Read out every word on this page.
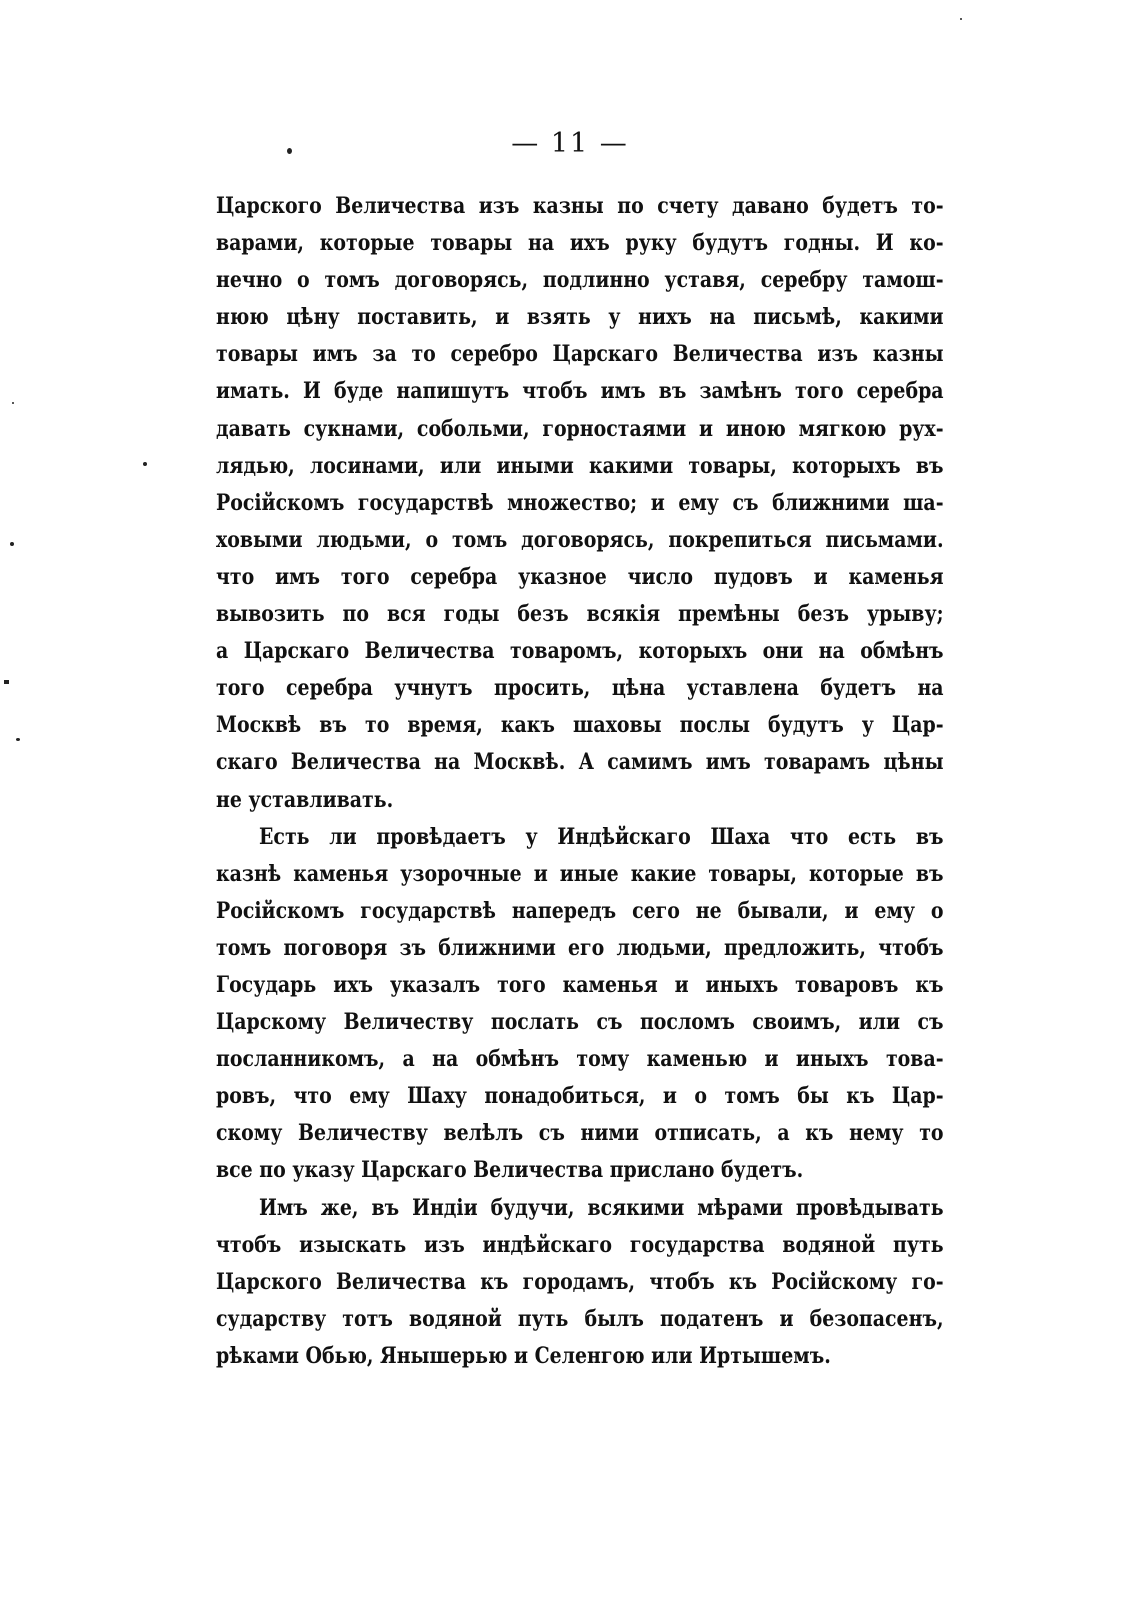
— 11 —
Царского Величества изъ казны по счету давано будетъ то-
варами, которые товары на ихъ руку будутъ годны. И ко-
нечно о томъ договорясь, подлинно уставя, серебру тамош-
нюю цѣну поставить, и взять у нихъ на письмѣ, какими
товары имъ за то серебро Царскаго Величества изъ казны
имать. И буде напишутъ чтобъ имъ въ замѣнъ того серебра
давать сукнами, собольми, горностаями и иною мягкою рух-
лядью, лосинами, или иными какими товары, которыхъ въ
Російскомъ государствѣ множество; и ему съ ближними ша-
ховыми людьми, о томъ договорясь, покрепиться письмами.
что имъ того серебра указное число пудовъ и каменья
вывозить по вся годы безъ всякія премѣны безъ урыву;
а Царскаго Величества товаромъ, которыхъ они на обмѣнъ
того серебра учнутъ просить, цѣна уставлена будетъ на
Москвѣ въ то время, какъ шаховы послы будутъ у Цар-
скаго Величества на Москвѣ. А самимъ имъ товарамъ цѣны
не уставливать.
Есть ли провѣдаетъ у Индѣйскаго Шаха что есть въ
казнѣ каменья узорочные и иные какие товары, которые въ
Російскомъ государствѣ напередъ сего не бывали, и ему о
томъ поговоря зъ ближними его людьми, предложить, чтобъ
Государь ихъ указалъ того каменья и иныхъ товаровъ къ
Царскому Величеству послать съ посломъ своимъ, или съ
посланникомъ, а на обмѣнъ тому каменью и иныхъ това-
ровъ, что ему Шаху понадобиться, и о томъ бы къ Цар-
скому Величеству велѣлъ съ ними отписать, а къ нему то
все по указу Царскаго Величества прислано будетъ.
Имъ же, въ Индіи будучи, всякими мѣрами провѣдывать
чтобъ изыскать изъ индѣйскаго государства водяной путь
Царского Величества къ городамъ, чтобъ къ Російскому го-
сударству тотъ водяной путь былъ податенъ и безопасенъ,
рѣками Обью, Янышерью и Селенгою или Иртышемъ.
